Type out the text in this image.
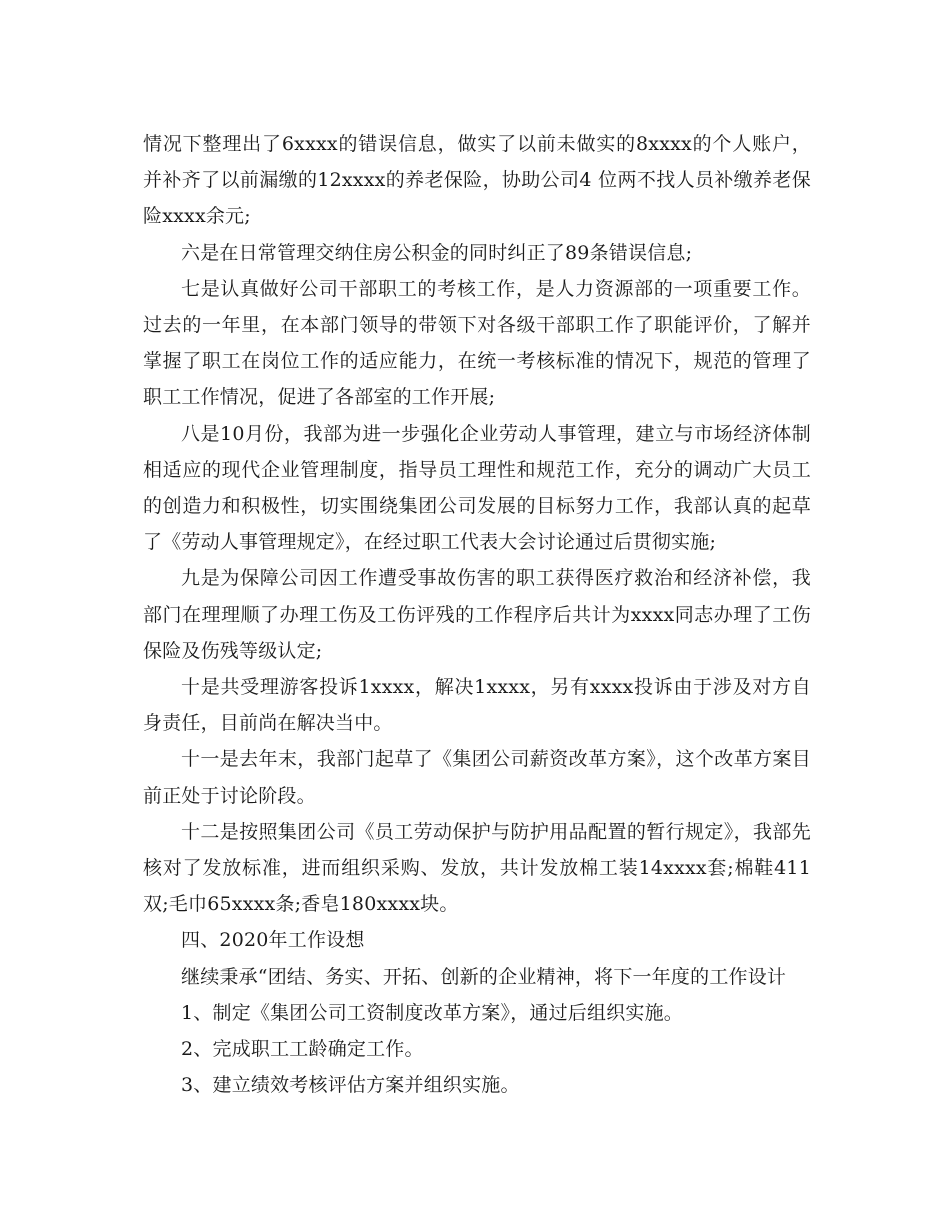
情况下整理出了6xxxx的错误信息，做实了以前未做实的8xxxx的个人账户，并补齐了以前漏缴的12xxxx的养老保险，协助公司4 位两不找人员补缴养老保险xxxx余元;

六是在日常管理交纳住房公积金的同时纠正了89条错误信息;

七是认真做好公司干部职工的考核工作，是人力资源部的一项重要工作。过去的一年里，在本部门领导的带领下对各级干部职工作了职能评价，了解并掌握了职工在岗位工作的适应能力，在统一考核标准的情况下，规范的管理了职工工作情况，促进了各部室的工作开展;

八是10月份，我部为进一步强化企业劳动人事管理，建立与市场经济体制相适应的现代企业管理制度，指导员工理性和规范工作，充分的调动广大员工的创造力和积极性，切实围绕集团公司发展的目标努力工作，我部认真的起草了《劳动人事管理规定》，在经过职工代表大会讨论通过后贯彻实施;

九是为保障公司因工作遭受事故伤害的职工获得医疗救治和经济补偿，我部门在理理顺了办理工伤及工伤评残的工作程序后共计为xxxx同志办理了工伤保险及伤残等级认定;

十是共受理游客投诉1xxxx，解决1xxxx，另有xxxx投诉由于涉及对方自身责任，目前尚在解决当中。

十一是去年末，我部门起草了《集团公司薪资改革方案》，这个改革方案目前正处于讨论阶段。

十二是按照集团公司《员工劳动保护与防护用品配置的暂行规定》，我部先核对了发放标准，进而组织采购、发放，共计发放棉工装14xxxx套;棉鞋411双;毛巾65xxxx条;香皂180xxxx块。

四、2020年工作设想

继续秉承“团结、务实、开拓、创新的企业精神，将下一年度的工作设计

1、制定《集团公司工资制度改革方案》，通过后组织实施。

2、完成职工工龄确定工作。

3、建立绩效考核评估方案并组织实施。
